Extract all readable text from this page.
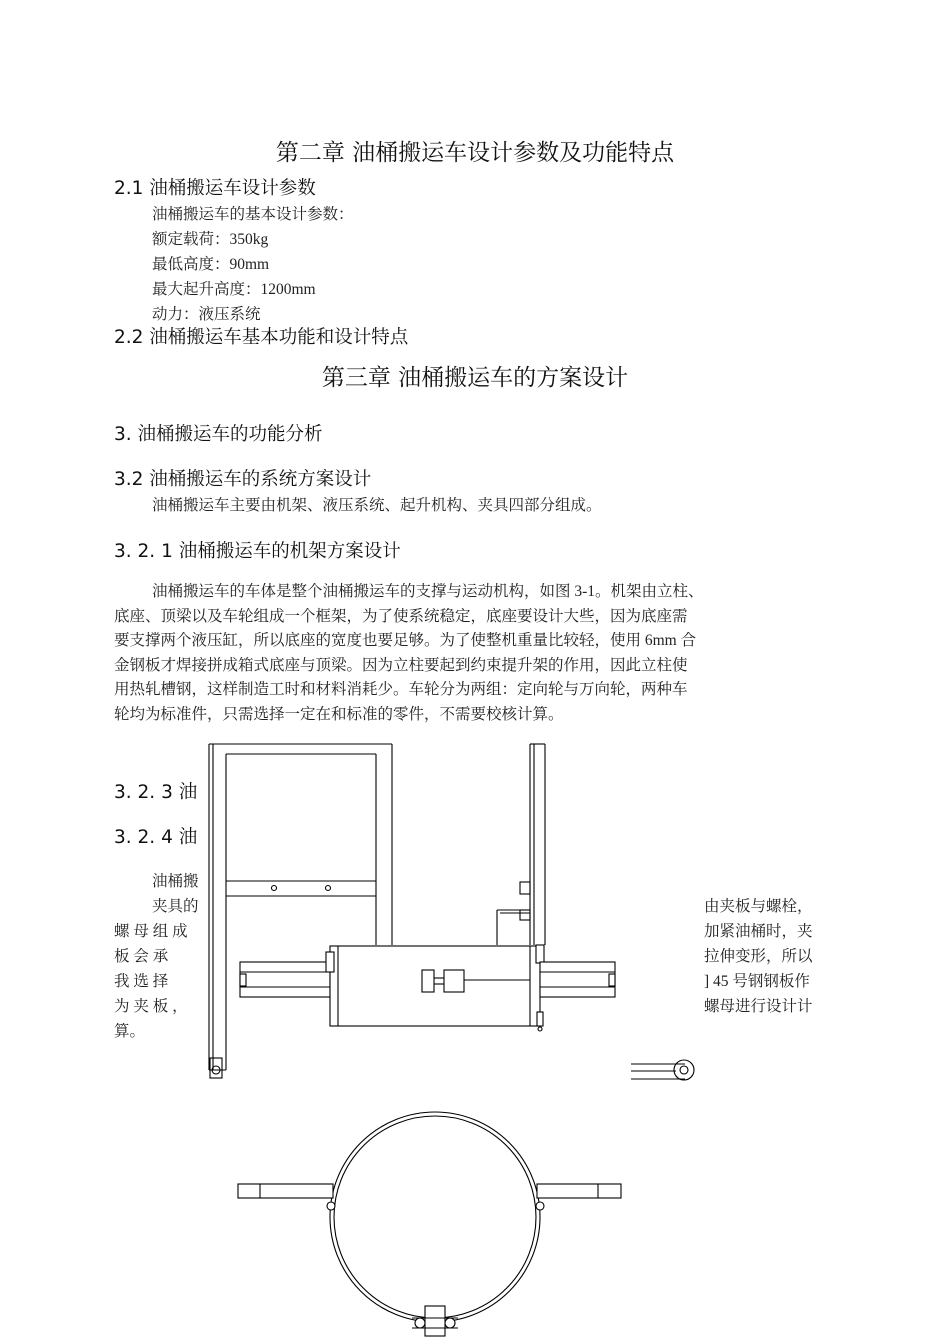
第二章 油桶搬运车设计参数及功能特点
2.1 油桶搬运车设计参数
油桶搬运车的基本设计参数：
额定载荷：350kg
最低高度：90mm
最大起升高度：1200mm
动力：液压系统
2.2 油桶搬运车基本功能和设计特点
第三章 油桶搬运车的方案设计
3. 油桶搬运车的功能分析
3.2 油桶搬运车的系统方案设计
油桶搬运车主要由机架、液压系统、起升机构、夹具四部分组成。
3. 2. 1 油桶搬运车的机架方案设计

油桶搬运车的车体是整个油桶搬运车的支撑与运动机构，如图 3-1。机架由立柱、

底座、顶梁以及车轮组成一个框架，为了使系统稳定，底座要设计大些，因为底座需

要支撑两个液压缸，所以底座的宽度也要足够。为了使整机重量比较轻，使用 6mm 合

金钢板才焊接拼成箱式底座与顶梁。因为立柱要起到约束提升架的作用，因此立柱使

用热轧槽钢，这样制造工时和材料消耗少。车轮分为两组：定向轮与万向轮，两种车

轮均为标准件，只需选择一定在和标准的零件，不需要校核计算。

3. 2. 3 油
3. 2. 4 油
油桶搬
夹具的	由夹板与螺栓，
螺 母 组 成	加紧油桶时，夹
板 会 承	拉伸变形，所以
我 选 择	] 45 号钢钢板作
为 夹 板 ，	螺母进行设计计
算。
